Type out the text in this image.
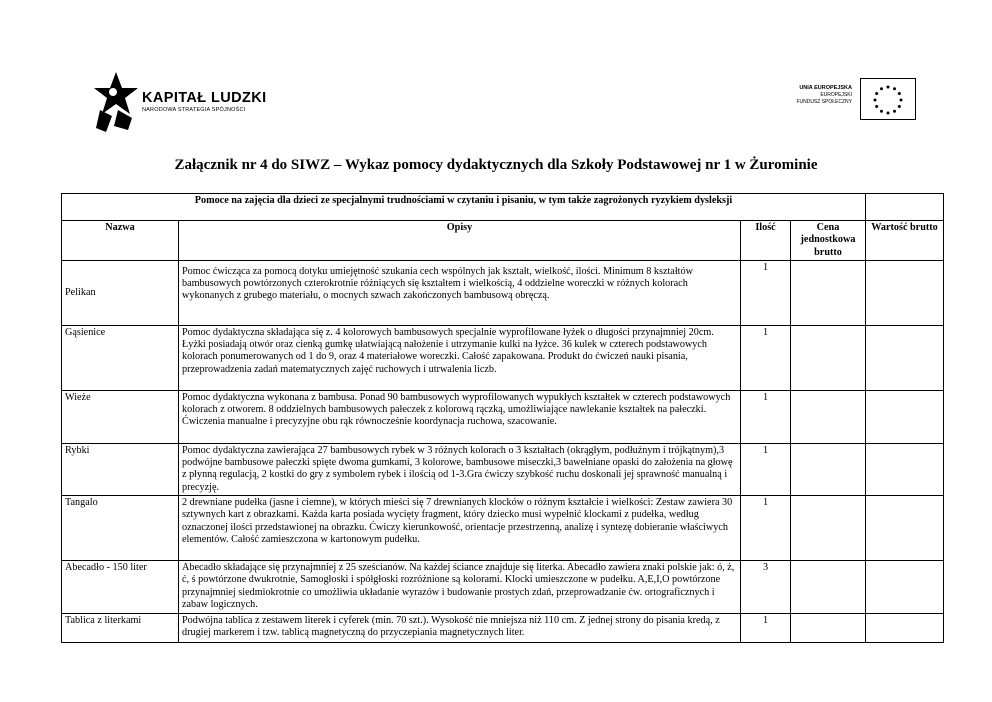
KAPITAŁ LUDZKI
NARODOWA STRATEGIA SPÓJNOŚCI
UNIA EUROPEJSKA
EUROPEJSKI
FUNDUSZ SPOŁECZNY
Załącznik nr 4 do SIWZ – Wykaz pomocy dydaktycznych dla Szkoły Podstawowej nr 1 w Żurominie
Pomoce na zajęcia dla dzieci ze specjalnymi trudnościami w czytaniu i pisaniu, w tym także zagrożonych ryzykiem dysleksji				
Nazwa	Opisy	Ilość	Cena jednostkowa brutto	Wartość brutto
Pelikan	Pomoc ćwicząca za pomocą dotyku umiejętność szukania cech wspólnych jak kształt, wielkość, ilości. Minimum 8 kształtów bambusowych powtórzonych czterokrotnie różniących się kształtem i wielkością, 4 oddzielne woreczki w różnych kolorach wykonanych z grubego materiału, o mocnych szwach zakończonych bambusową obręczą.	1		
Gąsienice	Pomoc dydaktyczna składająca się z. 4 kolorowych bambusowych specjalnie wyprofilowane łyżek o długości przynajmniej 20cm. Łyżki posiadają otwór oraz cienką gumkę ułatwiającą nałożenie i utrzymanie kulki na łyżce. 36 kulek w czterech podstawowych kolorach ponumerowanych od 1 do 9, oraz 4 materiałowe woreczki. Całość zapakowana. Produkt do ćwiczeń nauki pisania, przeprowadzenia zadań matematycznych zajęć ruchowych i utrwalenia liczb.	1		
Wieże	Pomoc dydaktyczna wykonana z bambusa. Ponad 90 bambusowych wyprofilowanych wypukłych kształtek w czterech podstawowych kolorach z otworem. 8 oddzielnych bambusowych pałeczek z kolorową rączką, umożliwiające nawlekanie kształtek na pałeczki. Ćwiczenia manualne i precyzyjne obu rąk równocześnie koordynacja ruchowa, szacowanie.	1		
Rybki	Pomoc dydaktyczna zawierająca 27 bambusowych rybek w 3 różnych kolorach o 3 kształtach (okrągłym, podłużnym i trójkątnym),3 podwójne bambusowe pałeczki spięte dwoma gumkami, 3 kolorowe, bambusowe miseczki,3 bawełniane opaski do założenia na głowę z płynną regulacją, 2 kostki do gry z symbolem rybek i ilością od 1-3.Gra ćwiczy szybkość ruchu doskonali jej sprawność manualną i precyzję.	1		
Tangalo	2 drewniane pudełka (jasne i ciemne), w których mieści się 7 drewnianych klocków o różnym kształcie i wielkości: Zestaw zawiera 30 sztywnych kart z obrazkami. Każda karta posiada wycięty fragment, który dziecko musi wypełnić klockami z pudełka, według oznaczonej ilości przedstawionej na obrazku. Ćwiczy kierunkowość, orientacje przestrzenną, analizę i syntezę dobieranie właściwych elementów. Całość zamieszczona w kartonowym pudełku.	1		
Abecadło - 150 liter	Abecadło składające się przynajmniej z 25 sześcianów. Na każdej ściance znajduje się literka. Abecadło zawiera znaki polskie jak: ó, ż, ć, ś powtórzone dwukrotnie, Samogłoski i spółgłoski rozróżnione są kolorami. Klocki umieszczone w pudełku. A,E,I,O powtórzone przynajmniej siedmiokrotnie co umożliwia układanie wyrazów i budowanie prostych zdań, przeprowadzanie ćw. ortograficznych i zabaw logicznych.	3		
Tablica z literkami	Podwójna tablica z zestawem literek i cyferek (min. 70 szt.). Wysokość nie mniejsza niż 110 cm. Z jednej strony do pisania kredą, z drugiej markerem i tzw. tablicą magnetyczną do przyczepiania magnetycznych liter.	1		
